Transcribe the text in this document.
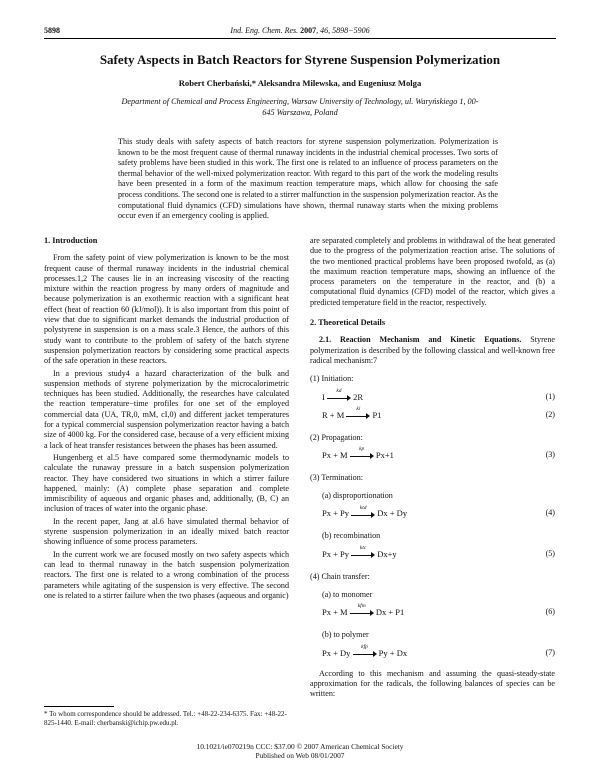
5898	Ind. Eng. Chem. Res. 2007, 46, 5898−5906
Safety Aspects in Batch Reactors for Styrene Suspension Polymerization
Robert Cherbański,* Aleksandra Milewska, and Eugeniusz Molga
Department of Chemical and Process Engineering, Warsaw University of Technology, ul. Waryńskiego 1, 00-645 Warszawa, Poland
This study deals with safety aspects of batch reactors for styrene suspension polymerization. Polymerization is known to be the most frequent cause of thermal runaway incidents in the industrial chemical processes. Two sorts of safety problems have been studied in this work. The first one is related to an influence of process parameters on the thermal behavior of the well-mixed polymerization reactor. With regard to this part of the work the modeling results have been presented in a form of the maximum reaction temperature maps, which allow for choosing the safe process conditions. The second one is related to a stirrer malfunction in the suspension polymerization reactor. As the computational fluid dynamics (CFD) simulations have shown, thermal runaway starts when the mixing problems occur even if an emergency cooling is applied.
1. Introduction

From the safety point of view polymerization is known to be the most frequent cause of thermal runaway incidents in the industrial chemical processes.1,2 The causes lie in an increasing viscosity of the reacting mixture within the reaction progress by many orders of magnitude and because polymerization is an exothermic reaction with a significant heat effect (heat of reaction 60 (kJ/mol)). It is also important from this point of view that due to significant market demands the industrial production of polystyrene in suspension is on a mass scale.3 Hence, the authors of this study want to contribute to the problem of safety of the batch styrene suspension polymerization reactors by considering some practical aspects of the safe operation in these reactors.

In a previous study4 a hazard characterization of the bulk and suspension methods of styrene polymerization by the microcalorimetric techniques has been studied. Additionally, the researches have calculated the reaction temperature−time profiles for one set of the employed commercial data (UA, TR,0, mM, cI,0) and different jacket temperatures for a typical commercial suspension polymerization reactor having a batch size of 4000 kg. For the considered case, because of a very efficient mixing a lack of heat transfer resistances between the phases has been assumed.

Hungenberg et al.5 have compared some thermodynamic models to calculate the runaway pressure in a batch suspension polymerization reactor. They have considered two situations in which a stirrer failure happened, mainly: (A) complete phase separation and complete immiscibility of aqueous and organic phases and, additionally, (B, C) an inclusion of traces of water into the organic phase.

In the recent paper, Jang at al.6 have simulated thermal behavior of styrene suspension polymerization in an ideally mixed batch reactor showing influence of some process parameters.

In the current work we are focused mostly on two safety aspects which can lead to thermal runaway in the batch suspension polymerization reactors. The first one is related to a wrong combination of the process parameters while agitating of the suspension is very effective. The second one is related to a stirrer failure when the two phases (aqueous and organic)

are separated completely and problems in withdrawal of the heat generated due to the progress of the polymerization reaction arise. The solutions of the two mentioned practical problems have been proposed twofold, as (a) the maximum reaction temperature maps, showing an influence of the process parameters on the temperature in the reactor, and (b) a computational fluid dynamics (CFD) model of the reactor, which gives a predicted temperature field in the reactor, respectively.

2. Theoretical Details

2.1. Reaction Mechanism and Kinetic Equations. Styrene polymerization is described by the following classical and well-known free radical mechanism:7

(1) Initiation:
I
kd
2R	(1)
R + M
ki
P1	(2)
(2) Propagation:
Px + M
kp
Px+1	(3)
(3) Termination:
(a) disproportionation
Px + Py
ktd
Dx + Dy	(4)
(b) recombination
Px + Py
ktc
Dx+y	(5)
(4) Chain transfer:
(a) to monomer
Px + M
kfm
Dx + P1	(6)
(b) to polymer
Px + Dy
kfp
Py + Dx	(7)

According to this mechanism and assuming the quasi-steady-state approximation for the radicals, the following balances of species can be written:

* To whom correspondence should be addressed. Tel.: +48-22-234-6375. Fax: +48-22-825-1440. E-mail: cherbanski@ichip.pw.edu.pl.
10.1021/ie070219n CCC: $37.00 © 2007 American Chemical Society
Published on Web 08/01/2007
